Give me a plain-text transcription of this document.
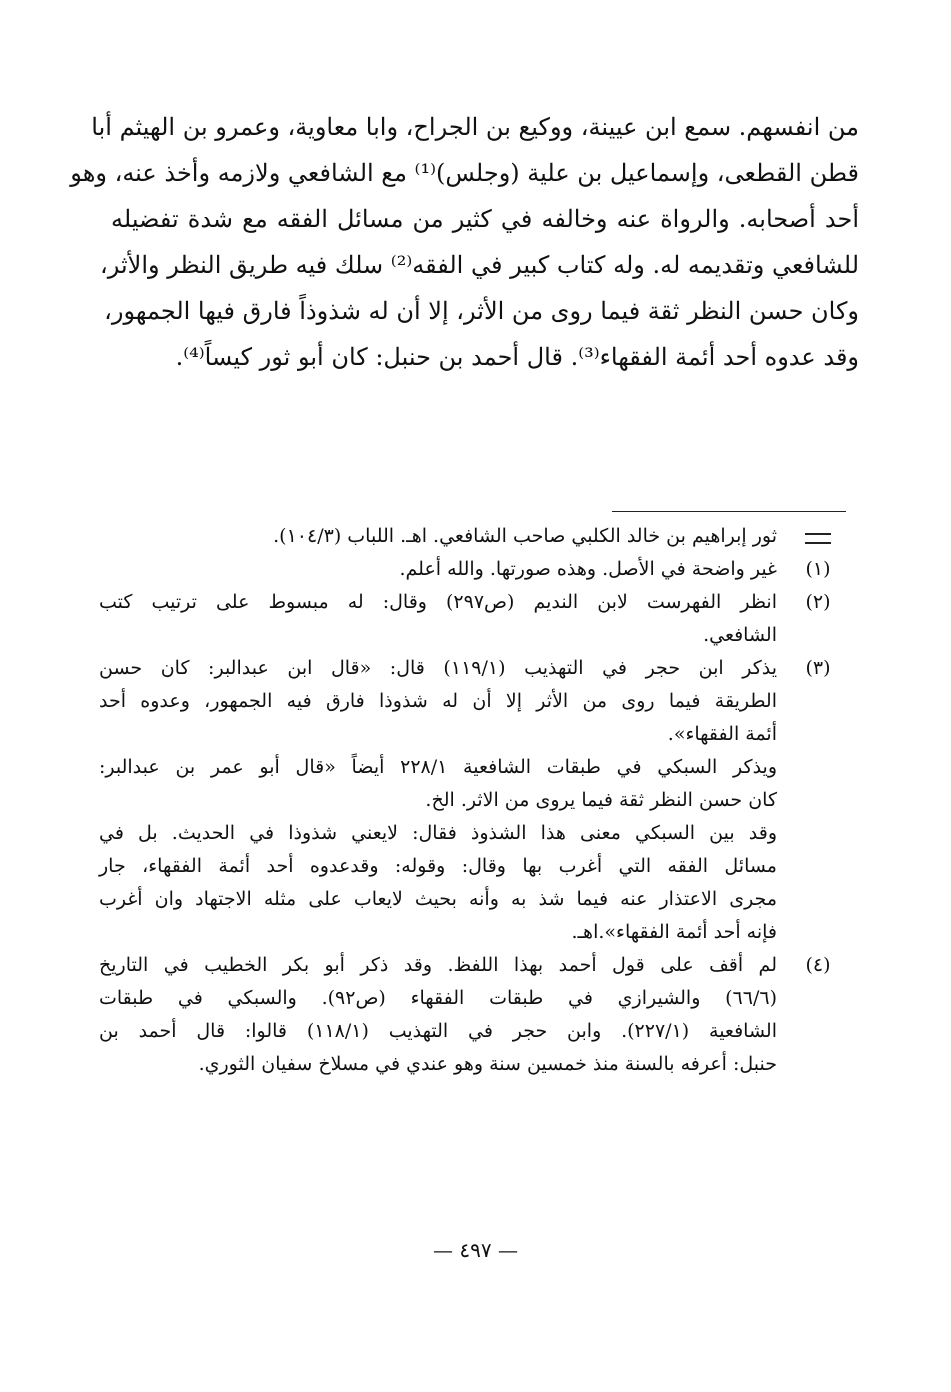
من انفسهم. سمع ابن عيينة، ووكيع بن الجراح، وابا معاوية، وعمرو بن الهيثم أبا
قطن القطعى، وإسماعيل بن علية (وجلس)⁽¹⁾ مع الشافعي ولازمه وأخذ عنه، وهو
أحد أصحابه. والرواة عنه وخالفه في كثير من مسائل الفقه مع شدة تفضيله
للشافعي وتقديمه له. وله كتاب كبير في الفقه⁽²⁾ سلك فيه طريق النظر والأثر،
وكان حسن النظر ثقة فيما روى من الأثر، إلا أن له شذوذاً فارق فيها الجمهور،
وقد عدوه أحد أئمة الفقهاء⁽³⁾. قال أحمد بن حنبل: كان أبو ثور كيساً⁽⁴⁾.
ثور إبراهيم بن خالد الكلبي صاحب الشافعي. اهـ. اللباب (١٠٤/٣).
(١)
غير واضحة في الأصل. وهذه صورتها. والله أعلم.
(٢)
انظر الفهرست لابن النديم (ص٢٩٧) وقال: له مبسوط على ترتيب كتب
الشافعي.
(٣)
يذكر ابن حجر في التهذيب (١١٩/١) قال: «قال ابن عبدالبر: كان حسن
الطريقة فيما روى من الأثر إلا أن له شذوذا فارق فيه الجمهور، وعدوه أحد
أئمة الفقهاء».
ويذكر السبكي في طبقات الشافعية ٢٢٨/١ أيضاً «قال أبو عمر بن عبدالبر:
كان حسن النظر ثقة فيما يروى من الاثر. الخ.
وقد بين السبكي معنى هذا الشذوذ فقال: لايعني شذوذا في الحديث. بل في
مسائل الفقه التي أغرب بها وقال: وقوله: وقدعدوه أحد أئمة الفقهاء، جار
مجرى الاعتذار عنه فيما شذ به وأنه بحيث لايعاب على مثله الاجتهاد وان أغرب
فإنه أحد أئمة الفقهاء».اهـ.
(٤)
لم أقف على قول أحمد بهذا اللفظ. وقد ذكر أبو بكر الخطيب في التاريخ
(٦٦/٦) والشيرازي في طبقات الفقهاء (ص٩٢). والسبكي في طبقات
الشافعية (٢٢٧/١). وابن حجر في التهذيب (١١٨/١) قالوا: قال أحمد بن
حنبل: أعرفه بالسنة منذ خمسين سنة وهو عندي في مسلاخ سفيان الثوري.
— ٤٩٧ —
